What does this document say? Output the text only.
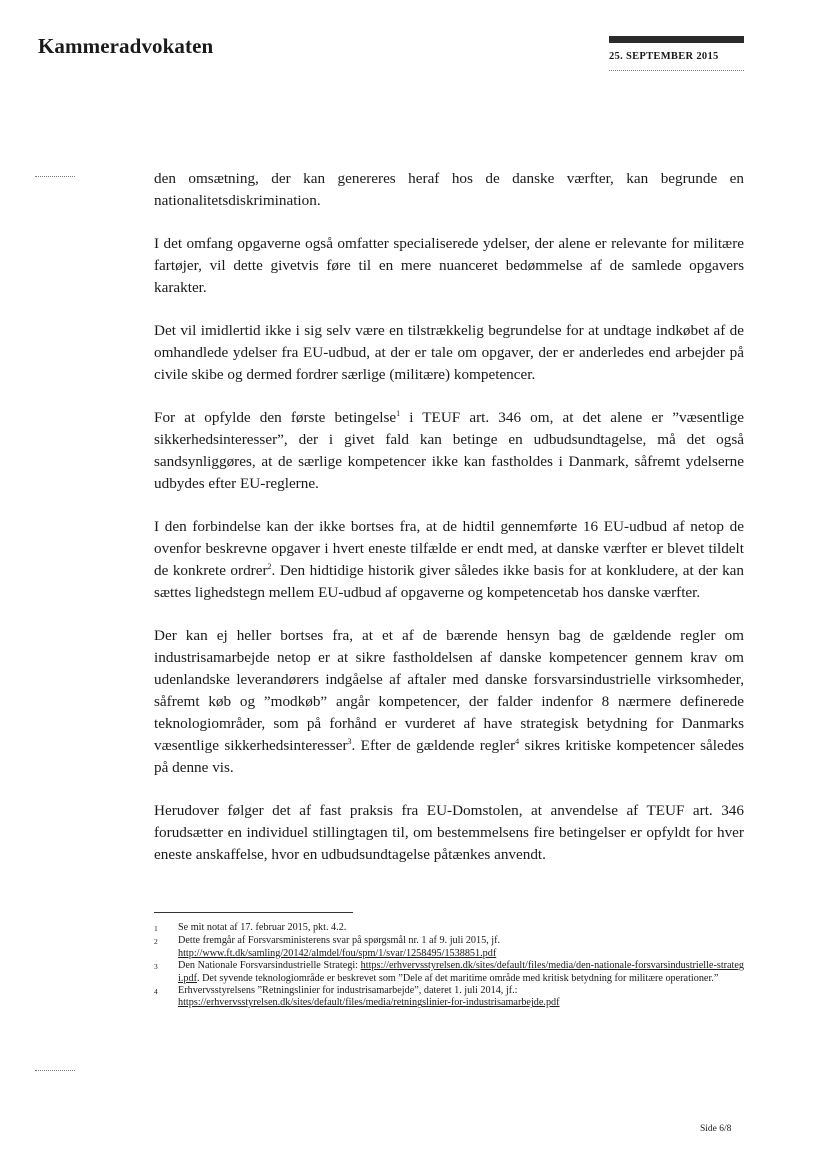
Kammeradvokaten	25. SEPTEMBER 2015

den omsætning, der kan genereres heraf hos de danske værfter, kan begrunde en nationalitetsdiskrimination.

I det omfang opgaverne også omfatter specialiserede ydelser, der alene er relevante for militære fartøjer, vil dette givetvis føre til en mere nuanceret bedømmelse af de samlede opgavers karakter.

Det vil imidlertid ikke i sig selv være en tilstrækkelig begrundelse for at undtage indkøbet af de omhandlede ydelser fra EU-udbud, at der er tale om opgaver, der er anderledes end arbejder på civile skibe og dermed fordrer særlige (militære) kompetencer.

For at opfylde den første betingelse$^1$ i TEUF art. 346 om, at det alene er ”væsentlige sikkerhedsinteresser”, der i givet fald kan betinge en udbudsundtagelse, må det også sandsynliggøres, at de særlige kompetencer ikke kan fastholdes i Danmark, såfremt ydelserne udbydes efter EU-reglerne.

I den forbindelse kan der ikke bortses fra, at de hidtil gennemførte 16 EU-udbud af netop de ovenfor beskrevne opgaver i hvert eneste tilfælde er endt med, at danske værfter er blevet tildelt de konkrete ordrer$^2$. Den hidtidige historik giver således ikke basis for at konkludere, at der kan sættes lighedstegn mellem EU-udbud af opgaverne og kompetencetab hos danske værfter.

Der kan ej heller bortses fra, at et af de bærende hensyn bag de gældende regler om industrisamarbejde netop er at sikre fastholdelsen af danske kompetencer gennem krav om udenlandske leverandørers indgåelse af aftaler med danske forsvarsindustrielle virksomheder, såfremt køb og ”modkøb” angår kompetencer, der falder indenfor 8 nærmere definerede teknologiområder, som på forhånd er vurderet af have strategisk betydning for Danmarks væsentlige sikkerhedsinteresser$^3$. Efter de gældende regler$^4$ sikres kritiske kompetencer således på denne vis.

Herudover følger det af fast praksis fra EU-Domstolen, at anvendelse af TEUF art. 346 forudsætter en individuel stillingtagen til, om bestemmelsens fire betingelser er opfyldt for hver eneste anskaffelse, hvor en udbudsundtagelse påtænkes anvendt.

1	Se mit notat af 17. februar 2015, pkt. 4.2.
2	Dette fremgår af Forsvarsministerens svar på spørgsmål nr. 1 af 9. juli 2015, jf.
http://www.ft.dk/samling/20142/almdel/fou/spm/1/svar/1258495/1538851.pdf
3	Den Nationale Forsvarsindustrielle Strategi: https://erhvervsstyrelsen.dk/sites/default/files/media/den-nationale-forsvarsindustrielle-strategi.pdf. Det syvende teknologiområde er beskrevet som ”Dele af det maritime område med kritisk betydning for militære operationer.”
4	Erhvervsstyrelsens ”Retningslinier for industrisamarbejde”, dateret 1. juli 2014, jf.:
https://erhvervsstyrelsen.dk/sites/default/files/media/retningslinier-for-industrisamarbejde.pdf
Side 6/8
